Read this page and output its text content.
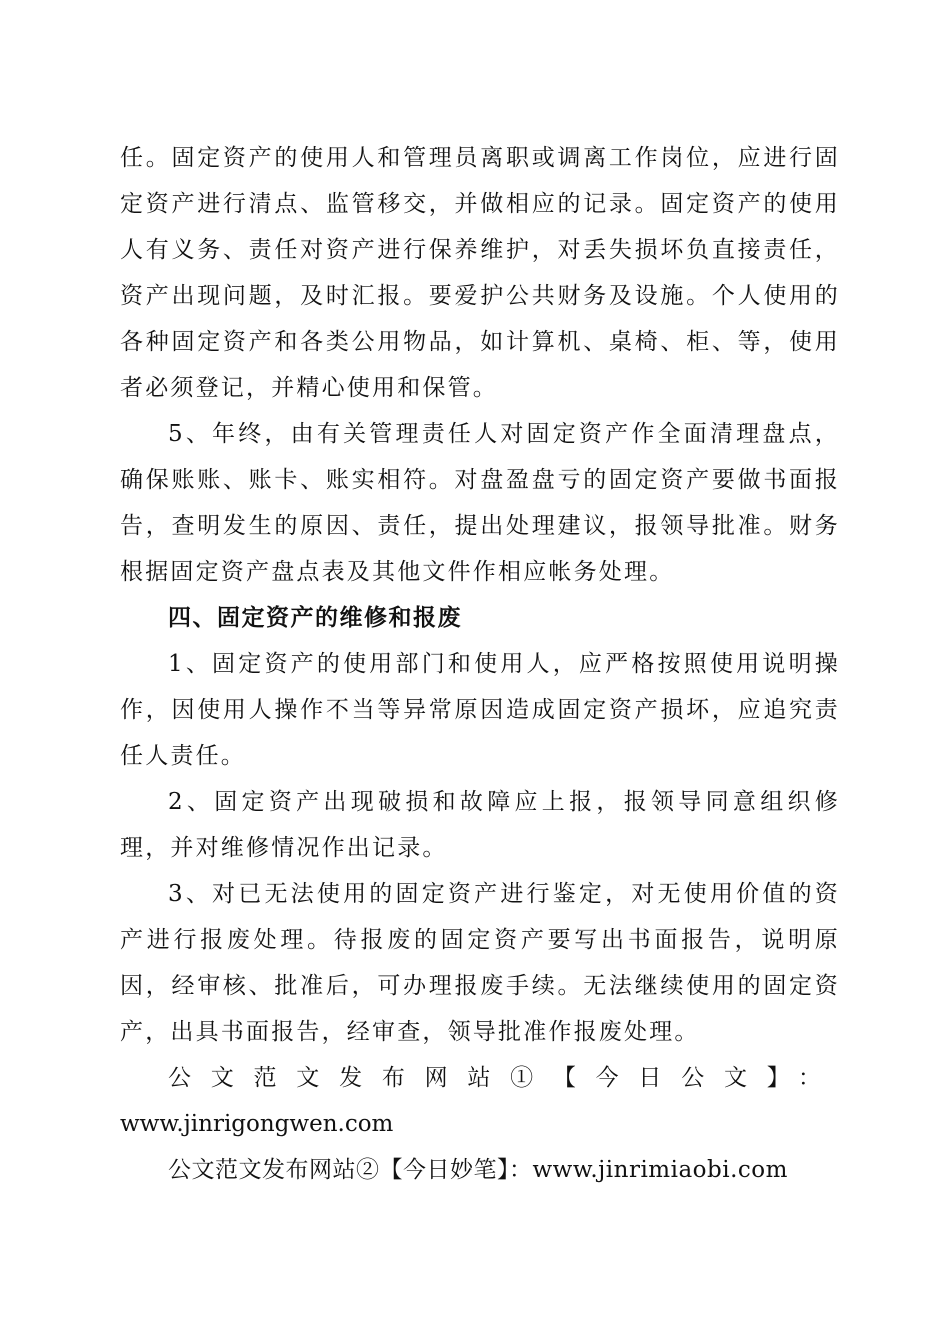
任。固定资产的使用人和管理员离职或调离工作岗位，应进行固定资产进行清点、监管移交，并做相应的记录。固定资产的使用人有义务、责任对资产进行保养维护，对丢失损坏负直接责任，资产出现问题，及时汇报。要爱护公共财务及设施。个人使用的各种固定资产和各类公用物品，如计算机、桌椅、柜、等，使用者必须登记，并精心使用和保管。

5、年终，由有关管理责任人对固定资产作全面清理盘点，确保账账、账卡、账实相符。对盘盈盘亏的固定资产要做书面报告，查明发生的原因、责任，提出处理建议，报领导批准。财务根据固定资产盘点表及其他文件作相应帐务处理。

四、固定资产的维修和报废

1、固定资产的使用部门和使用人，应严格按照使用说明操作，因使用人操作不当等异常原因造成固定资产损坏，应追究责任人责任。

2、固定资产出现破损和故障应上报，报领导同意组织修理，并对维修情况作出记录。

3、对已无法使用的固定资产进行鉴定，对无使用价值的资产进行报废处理。待报废的固定资产要写出书面报告，说明原因，经审核、批准后，可办理报废手续。无法继续使用的固定资产，出具书面报告，经审查，领导批准作报废处理。

公文范文发布网站①【今日公文】：www.jinrigongwen.com

公文范文发布网站②【今日妙笔】：www.jinrimiaobi.com
